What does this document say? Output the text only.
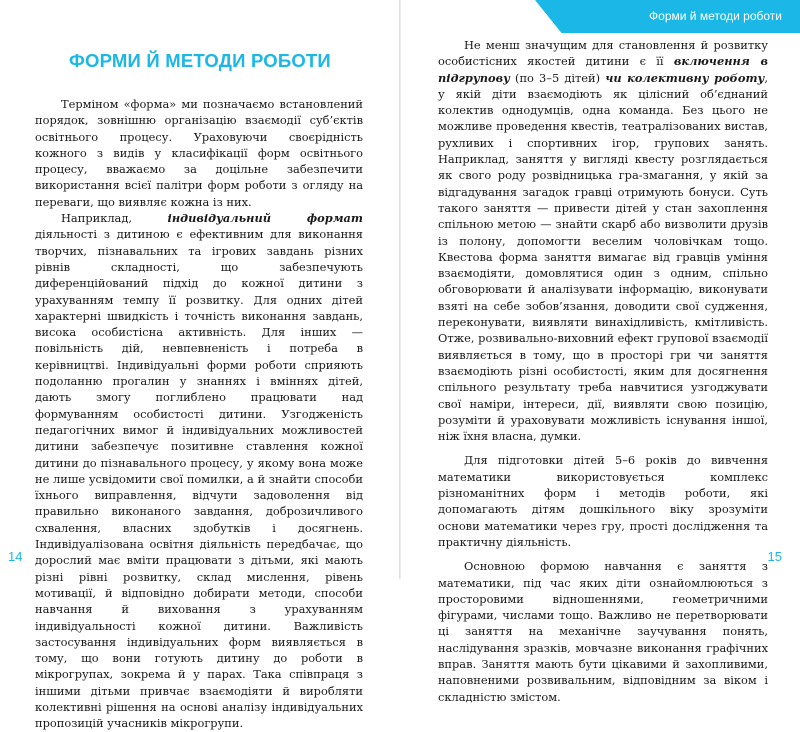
ФОРМИ Й МЕТОДИ РОБОТИ

Терміном «форма» ми позначаємо встановлений порядок, зовнішню організацію взаємодії суб’єктів освітнього процесу. Ураховуючи своєрідність кожного з видів у класифікації форм освітнього процесу, вважаємо за доцільне забезпечити використання всієї палітри форм роботи з огляду на переваги, що виявляє кожна із них.

Наприклад, індивідуальний формат діяльності з дитиною є ефективним для виконання творчих, пізнавальних та ігрових завдань різних рівнів складності, що забезпечують диференційований підхід до кожної дитини з урахуванням темпу її розвитку. Для одних дітей характерні швидкість і точність виконання завдань, висока особистісна активність. Для інших — повільність дій, невпевненість і потреба в керівництві. Індивідуальні форми роботи сприяють подоланню прогалин у знаннях і вміннях дітей, дають змогу поглиблено працювати над формуванням особистості дитини. Узгодженість педагогічних вимог й індивідуальних можливостей дитини забезпечує позитивне ставлення кожної дитини до пізнавального процесу, у якому вона може не лише усвідомити свої помилки, а й знайти способи їхнього виправлення, відчути задоволення від правильно виконаного завдання, доброзичливого схвалення, власних здобутків і досягнень. Індивідуалізована освітня діяльність передбачає, що дорослий має вміти працювати з дітьми, які мають різні рівні розвитку, склад мислення, рівень мотивації, й відповідно добирати методи, способи навчання й виховання з урахуванням індивідуальності кожної дитини. Важливість застосування індивідуальних форм виявляється в тому, що вони готують дитину до роботи в мікрогрупах, зокрема й у парах. Така співпраця з іншими дітьми привчає взаємодіяти й виробляти колективні рішення на основі аналізу індивідуальних пропозицій учасників мікрогрупи.

14
Форми й методи роботи

Не менш значущим для становлення й розвитку особистісних якостей дитини є її включення в підгрупову (по 3–5 дітей) чи колективну роботу, у якій діти взаємодіють як цілісний об’єднаний колектив однодумців, одна команда. Без цього не можливе проведення квестів, театралізованих вистав, рухливих і спортивних ігор, групових занять. Наприклад, заняття у вигляді квесту розглядається як свого роду розвідницька гра-змагання, у якій за відгадування загадок гравці отримують бонуси. Суть такого заняття — привести дітей у стан захоплення спільною метою — знайти скарб або визволити друзів із полону, допомогти веселим чоловічкам тощо. Квестова форма заняття вимагає від гравців уміння взаємодіяти, домовлятися один з одним, спільно обговорювати й аналізувати інформацію, виконувати взяті на себе зобов’язання, доводити свої судження, переконувати, виявляти винахідливість, кмітливість. Отже, розвивально-виховний ефект групової взаємодії виявляється в тому, що в просторі гри чи заняття взаємодіють різні особистості, яким для досягнення спільного результату треба навчитися узгоджувати свої наміри, інтереси, дії, виявляти свою позицію, розуміти й ураховувати можливість існування іншої, ніж їхня власна, думки.

Для підготовки дітей 5–6 років до вивчення математики використовується комплекс різноманітних форм і методів роботи, які допомагають дітям дошкільного віку зрозуміти основи математики через гру, прості дослідження та практичну діяльність.

Основною формою навчання є заняття з математики, під час яких діти ознайомлюються з просторовими відношеннями, геометричними фігурами, числами тощо. Важливо не перетворювати ці заняття на механічне заучування понять, наслідування зразків, мовчазне виконання графічних вправ. Заняття мають бути цікавими й захопливими, наповненими розвивальним, відповідним за віком і складністю змістом.

15
